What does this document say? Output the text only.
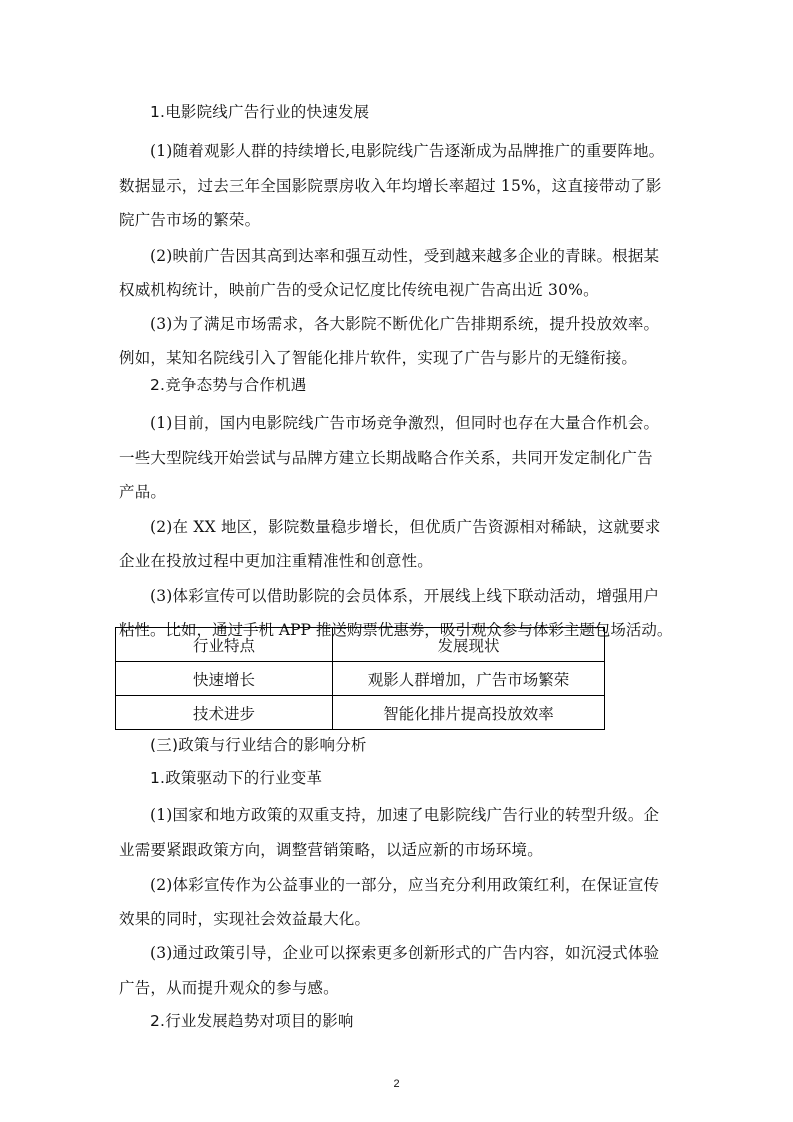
1.电影院线广告行业的快速发展
(1)随着观影人群的持续增长,电影院线广告逐渐成为品牌推广的重要阵地。
数据显示，过去三年全国影院票房收入年均增长率超过 15%，这直接带动了影
院广告市场的繁荣。
(2)映前广告因其高到达率和强互动性，受到越来越多企业的青睐。根据某
权威机构统计，映前广告的受众记忆度比传统电视广告高出近 30%。
(3)为了满足市场需求，各大影院不断优化广告排期系统，提升投放效率。
例如，某知名院线引入了智能化排片软件，实现了广告与影片的无缝衔接。
2.竞争态势与合作机遇
(1)目前，国内电影院线广告市场竞争激烈，但同时也存在大量合作机会。
一些大型院线开始尝试与品牌方建立长期战略合作关系，共同开发定制化广告
产品。
(2)在 XX 地区，影院数量稳步增长，但优质广告资源相对稀缺，这就要求
企业在投放过程中更加注重精准性和创意性。
(3)体彩宣传可以借助影院的会员体系，开展线上线下联动活动，增强用户
粘性。比如，通过手机 APP 推送购票优惠券，吸引观众参与体彩主题包场活动。
行业特点	发展现状
快速增长	观影人群增加，广告市场繁荣
技术进步	智能化排片提高投放效率
(三)政策与行业结合的影响分析
1.政策驱动下的行业变革
(1)国家和地方政策的双重支持，加速了电影院线广告行业的转型升级。企
业需要紧跟政策方向，调整营销策略，以适应新的市场环境。
(2)体彩宣传作为公益事业的一部分，应当充分利用政策红利，在保证宣传
效果的同时，实现社会效益最大化。
(3)通过政策引导，企业可以探索更多创新形式的广告内容，如沉浸式体验
广告，从而提升观众的参与感。
2.行业发展趋势对项目的影响
2
